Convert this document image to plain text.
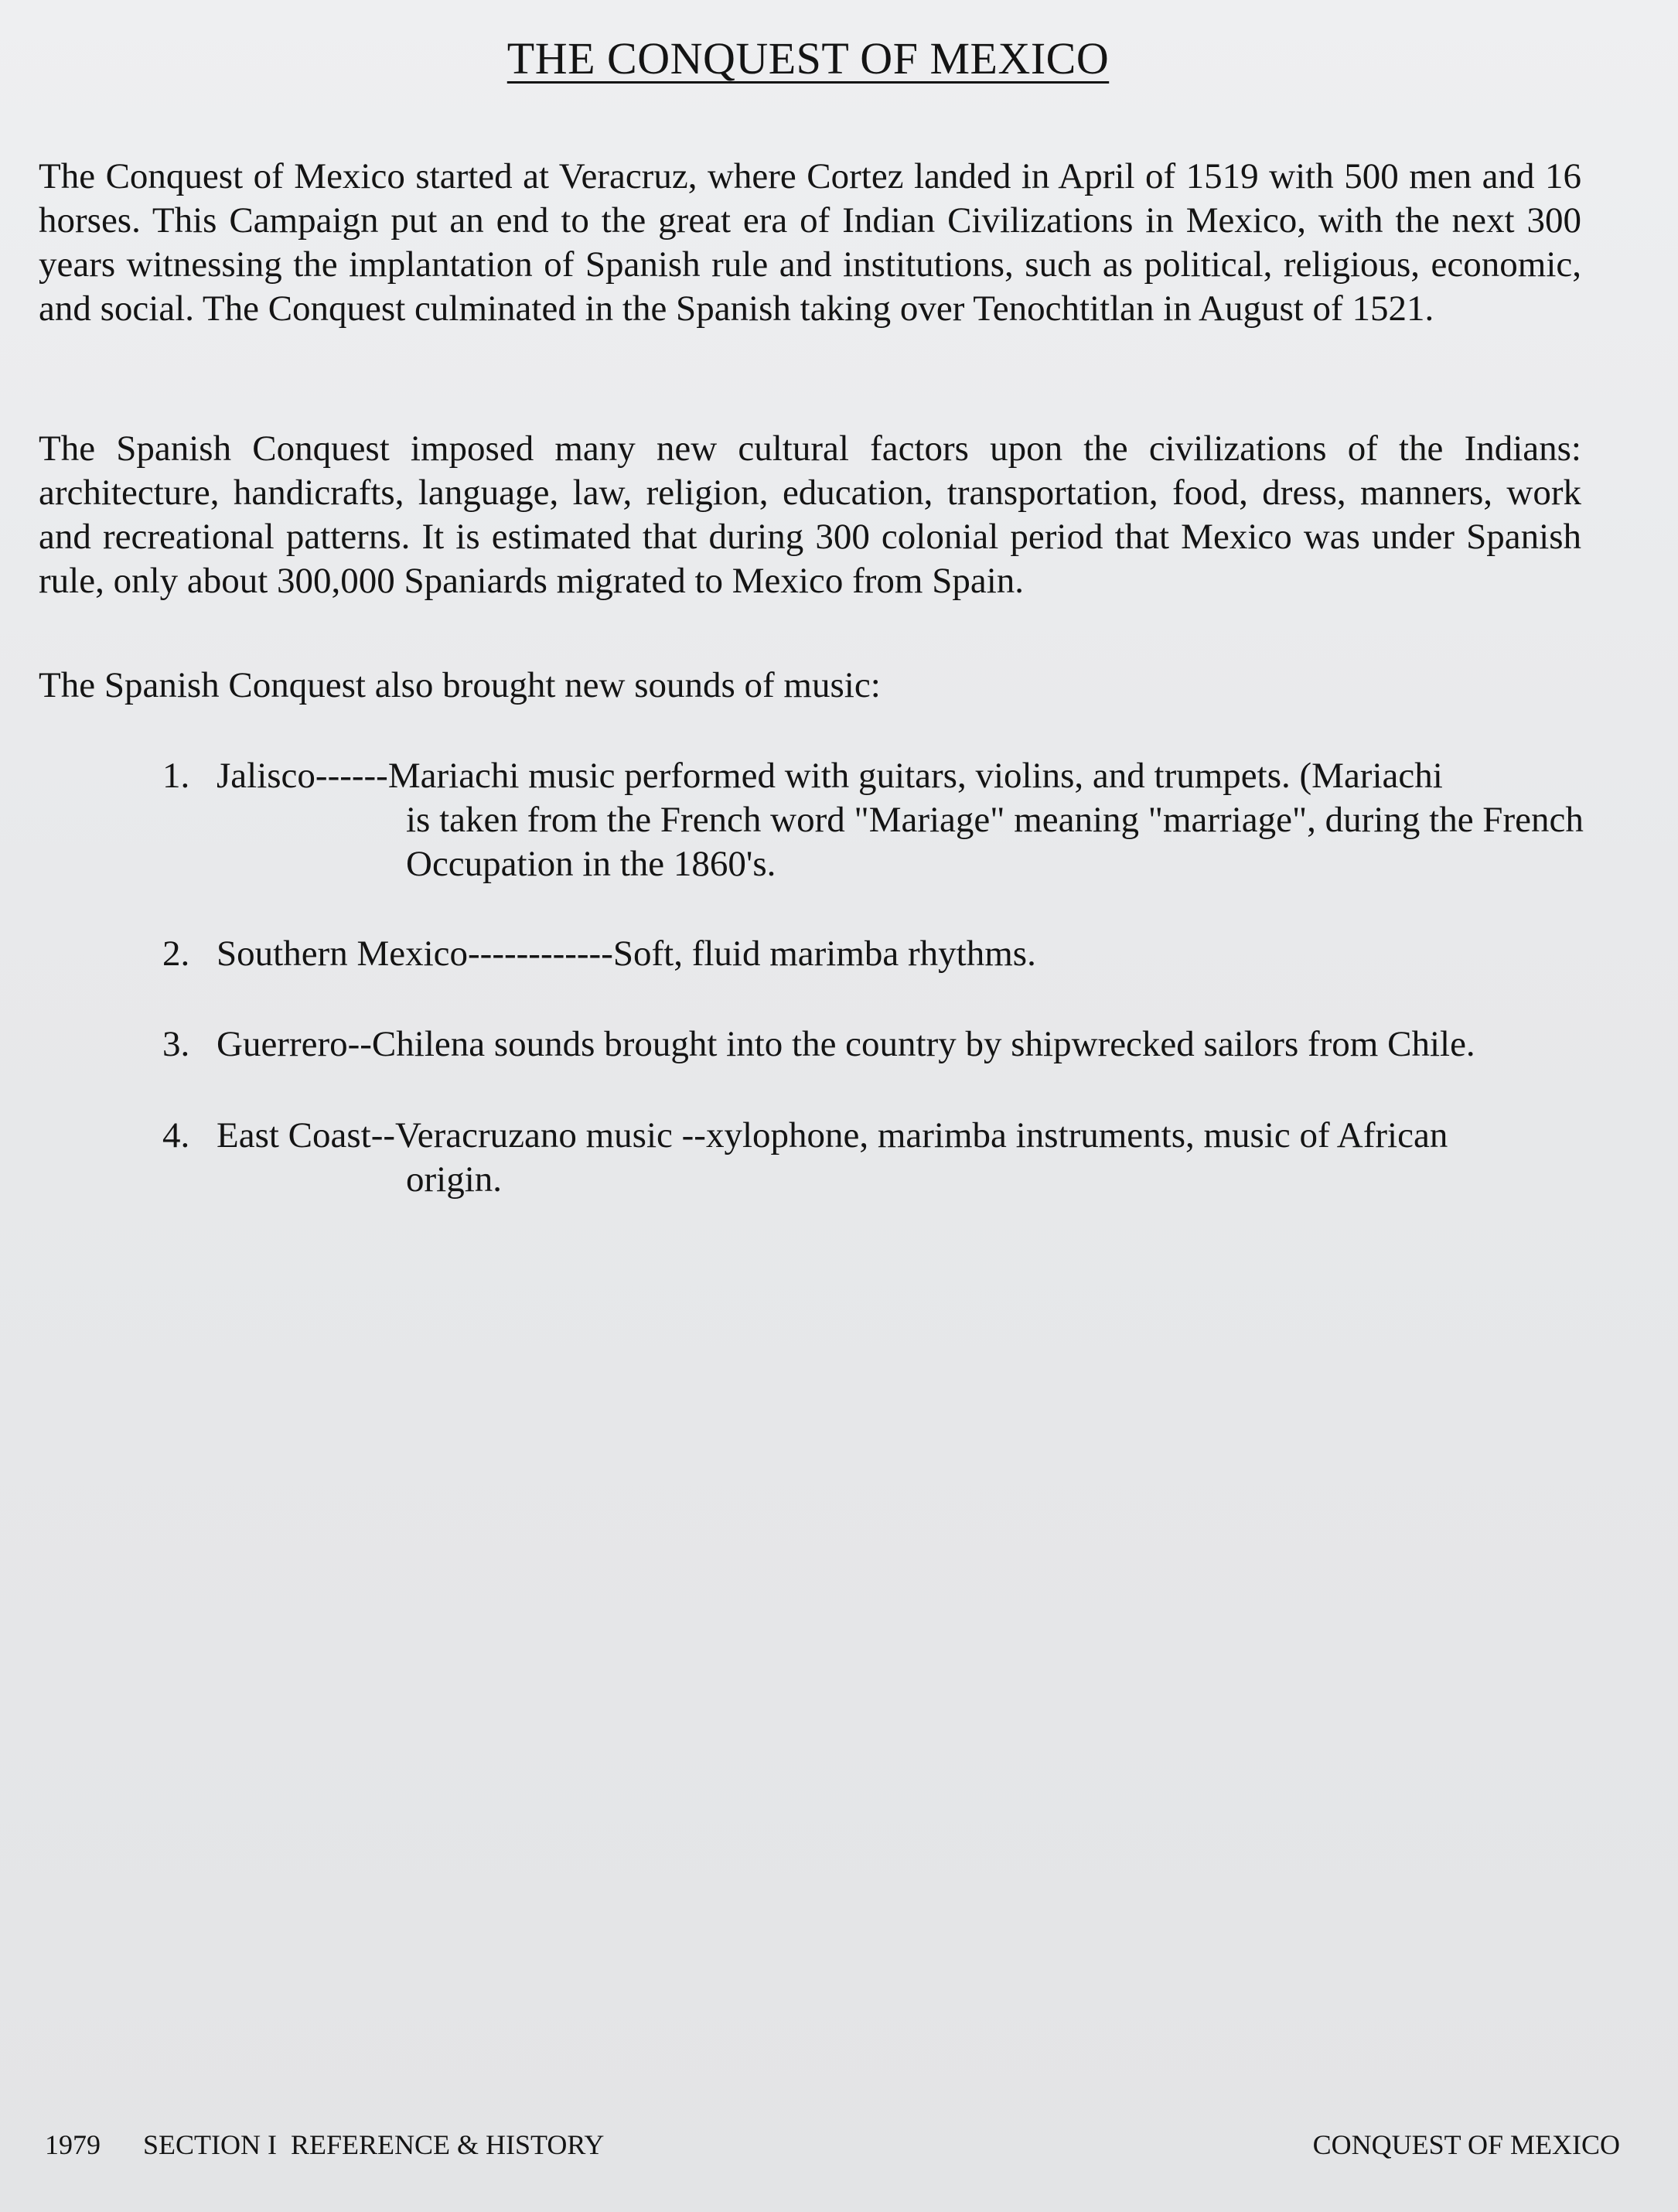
THE CONQUEST OF MEXICO

The Conquest of Mexico started at Veracruz, where Cortez landed in April of 1519 with 500 men and 16 horses. This Campaign put an end to the great era of Indian Civilizations in Mexico, with the next 300 years witnessing the implantation of Spanish rule and institutions, such as political, religious, economic, and social. The Conquest culminated in the Spanish taking over Tenochtitlan in August of 1521.

The Spanish Conquest imposed many new cultural factors upon the civilizations of the Indians: architecture, handicrafts, language, law, religion, education, transportation, food, dress, manners, work and recreational patterns. It is estimated that during 300 colonial period that Mexico was under Spanish rule, only about 300,000 Spaniards migrated to Mexico from Spain.

The Spanish Conquest also brought new sounds of music:

1. Jalisco------Mariachi music performed with guitars, violins, and trumpets. (Mariachi
is taken from the French word "Mariage" meaning "marriage", during the French Occupation in the 1860's.
2. Southern Mexico------------Soft, fluid marimba rhythms.
3. Guerrero--Chilena sounds brought into the country by shipwrecked sailors from Chile.
4. East Coast--Veracruzano music --xylophone, marimba instruments, music of African
origin.
1979 SECTION I  REFERENCE & HISTORY	CONQUEST OF MEXICO
